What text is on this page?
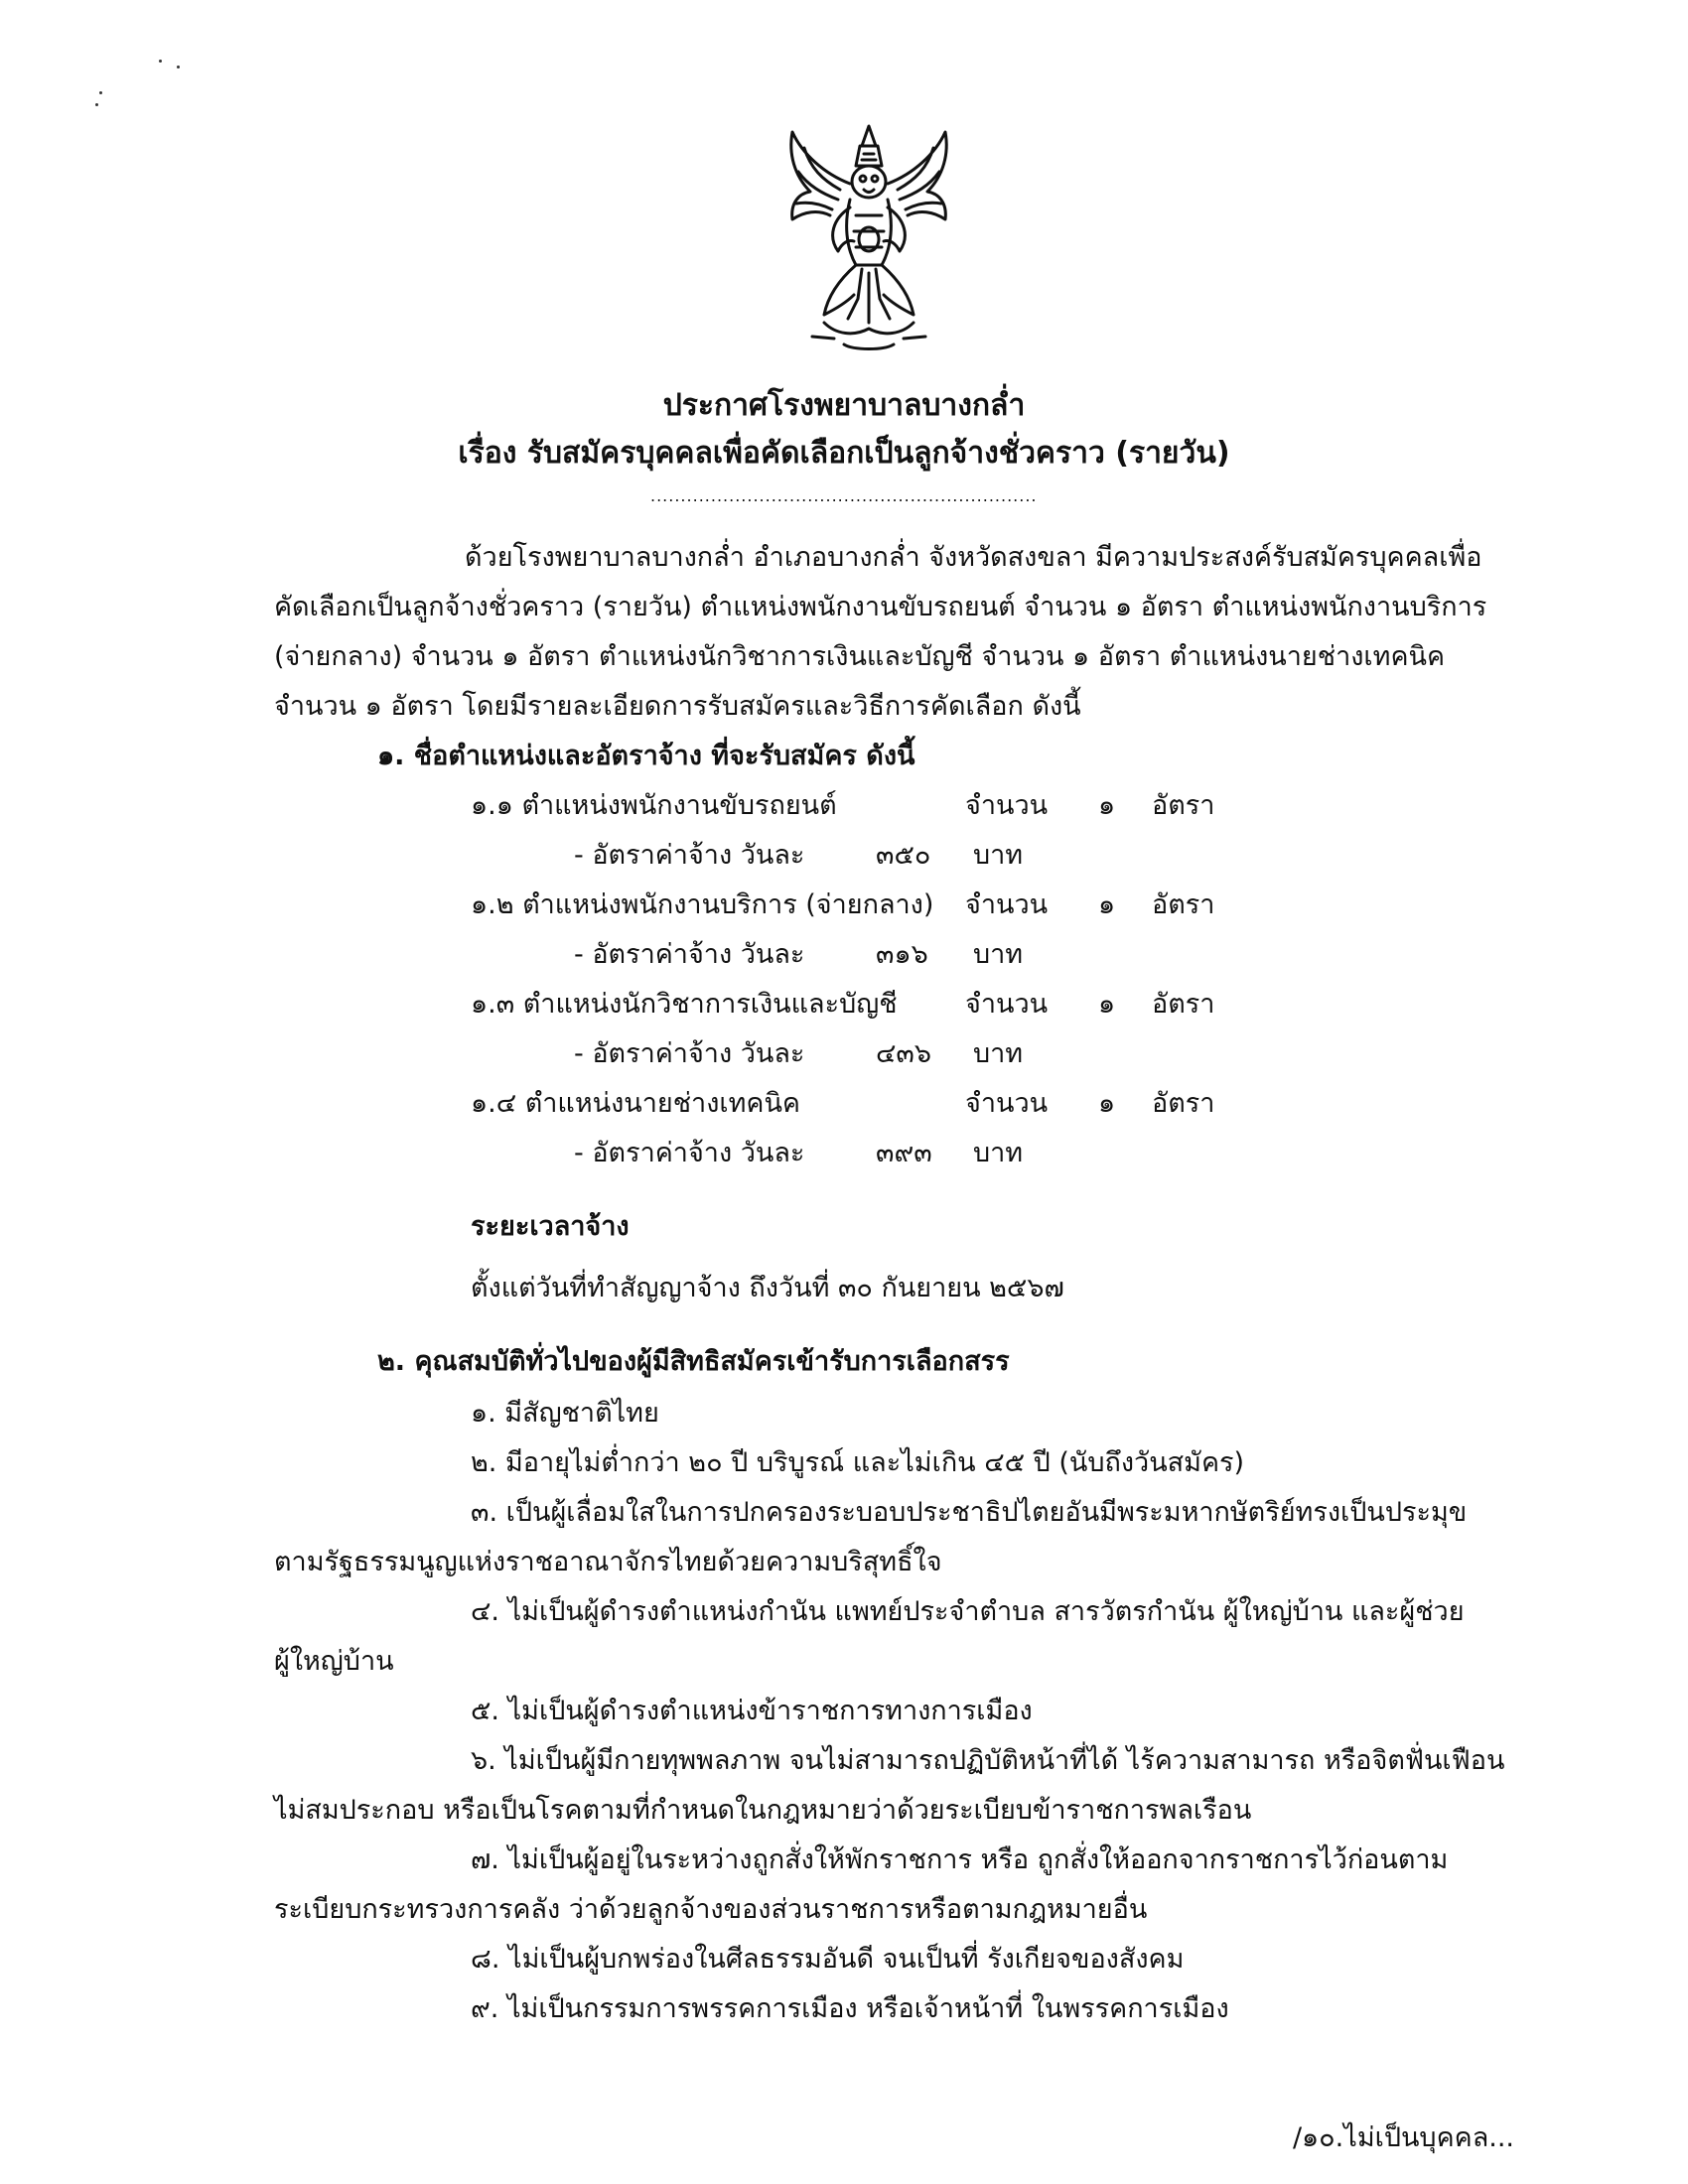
ประกาศโรงพยาบาลบางกล่ำ
เรื่อง รับสมัครบุคคลเพื่อคัดเลือกเป็นลูกจ้างชั่วคราว (รายวัน)
................................................................
ด้วยโรงพยาบาลบางกล่ำ อำเภอบางกล่ำ จังหวัดสงขลา มีความประสงค์รับสมัครบุคคลเพื่อ
คัดเลือกเป็นลูกจ้างชั่วคราว (รายวัน) ตำแหน่งพนักงานขับรถยนต์ จำนวน ๑ อัตรา ตำแหน่งพนักงานบริการ
(จ่ายกลาง) จำนวน ๑ อัตรา ตำแหน่งนักวิชาการเงินและบัญชี จำนวน ๑ อัตรา ตำแหน่งนายช่างเทคนิค
จำนวน ๑ อัตรา โดยมีรายละเอียดการรับสมัครและวิธีการคัดเลือก ดังนี้
๑. ชื่อตำแหน่งและอัตราจ้าง ที่จะรับสมัคร ดังนี้
๑.๑ ตำแหน่งพนักงานขับรถยนต์	จำนวน ๑ อัตรา
- อัตราค่าจ้าง วันละ	๓๕๐ บาท
๑.๒ ตำแหน่งพนักงานบริการ (จ่ายกลาง) จำนวน ๑ อัตรา
- อัตราค่าจ้าง วันละ	๓๑๖ บาท
๑.๓ ตำแหน่งนักวิชาการเงินและบัญชี	จำนวน ๑ อัตรา
- อัตราค่าจ้าง วันละ	๔๓๖ บาท
๑.๔ ตำแหน่งนายช่างเทคนิค	จำนวน ๑ อัตรา
- อัตราค่าจ้าง วันละ	๓๙๓ บาท
ระยะเวลาจ้าง
ตั้งแต่วันที่ทำสัญญาจ้าง ถึงวันที่ ๓๐ กันยายน ๒๕๖๗
๒. คุณสมบัติทั่วไปของผู้มีสิทธิสมัครเข้ารับการเลือกสรร
๑. มีสัญชาติไทย
๒. มีอายุไม่ต่ำกว่า ๒๐ ปี บริบูรณ์ และไม่เกิน ๔๕ ปี (นับถึงวันสมัคร)
๓. เป็นผู้เลื่อมใสในการปกครองระบอบประชาธิปไตยอันมีพระมหากษัตริย์ทรงเป็นประมุข
ตามรัฐธรรมนูญแห่งราชอาณาจักรไทยด้วยความบริสุทธิ์ใจ
๔. ไม่เป็นผู้ดำรงตำแหน่งกำนัน แพทย์ประจำตำบล สารวัตรกำนัน ผู้ใหญ่บ้าน และผู้ช่วย
ผู้ใหญ่บ้าน
๕. ไม่เป็นผู้ดำรงตำแหน่งข้าราชการทางการเมือง
๖. ไม่เป็นผู้มีกายทุพพลภาพ จนไม่สามารถปฏิบัติหน้าที่ได้ ไร้ความสามารถ หรือจิตฟั่นเฟือน
ไม่สมประกอบ หรือเป็นโรคตามที่กำหนดในกฎหมายว่าด้วยระเบียบข้าราชการพลเรือน
๗. ไม่เป็นผู้อยู่ในระหว่างถูกสั่งให้พักราชการ หรือ ถูกสั่งให้ออกจากราชการไว้ก่อนตาม
ระเบียบกระทรวงการคลัง ว่าด้วยลูกจ้างของส่วนราชการหรือตามกฎหมายอื่น
๘. ไม่เป็นผู้บกพร่องในศีลธรรมอันดี จนเป็นที่ รังเกียจของสังคม
๙. ไม่เป็นกรรมการพรรคการเมือง หรือเจ้าหน้าที่ ในพรรคการเมือง
/๑๐.ไม่เป็นบุคคล...
